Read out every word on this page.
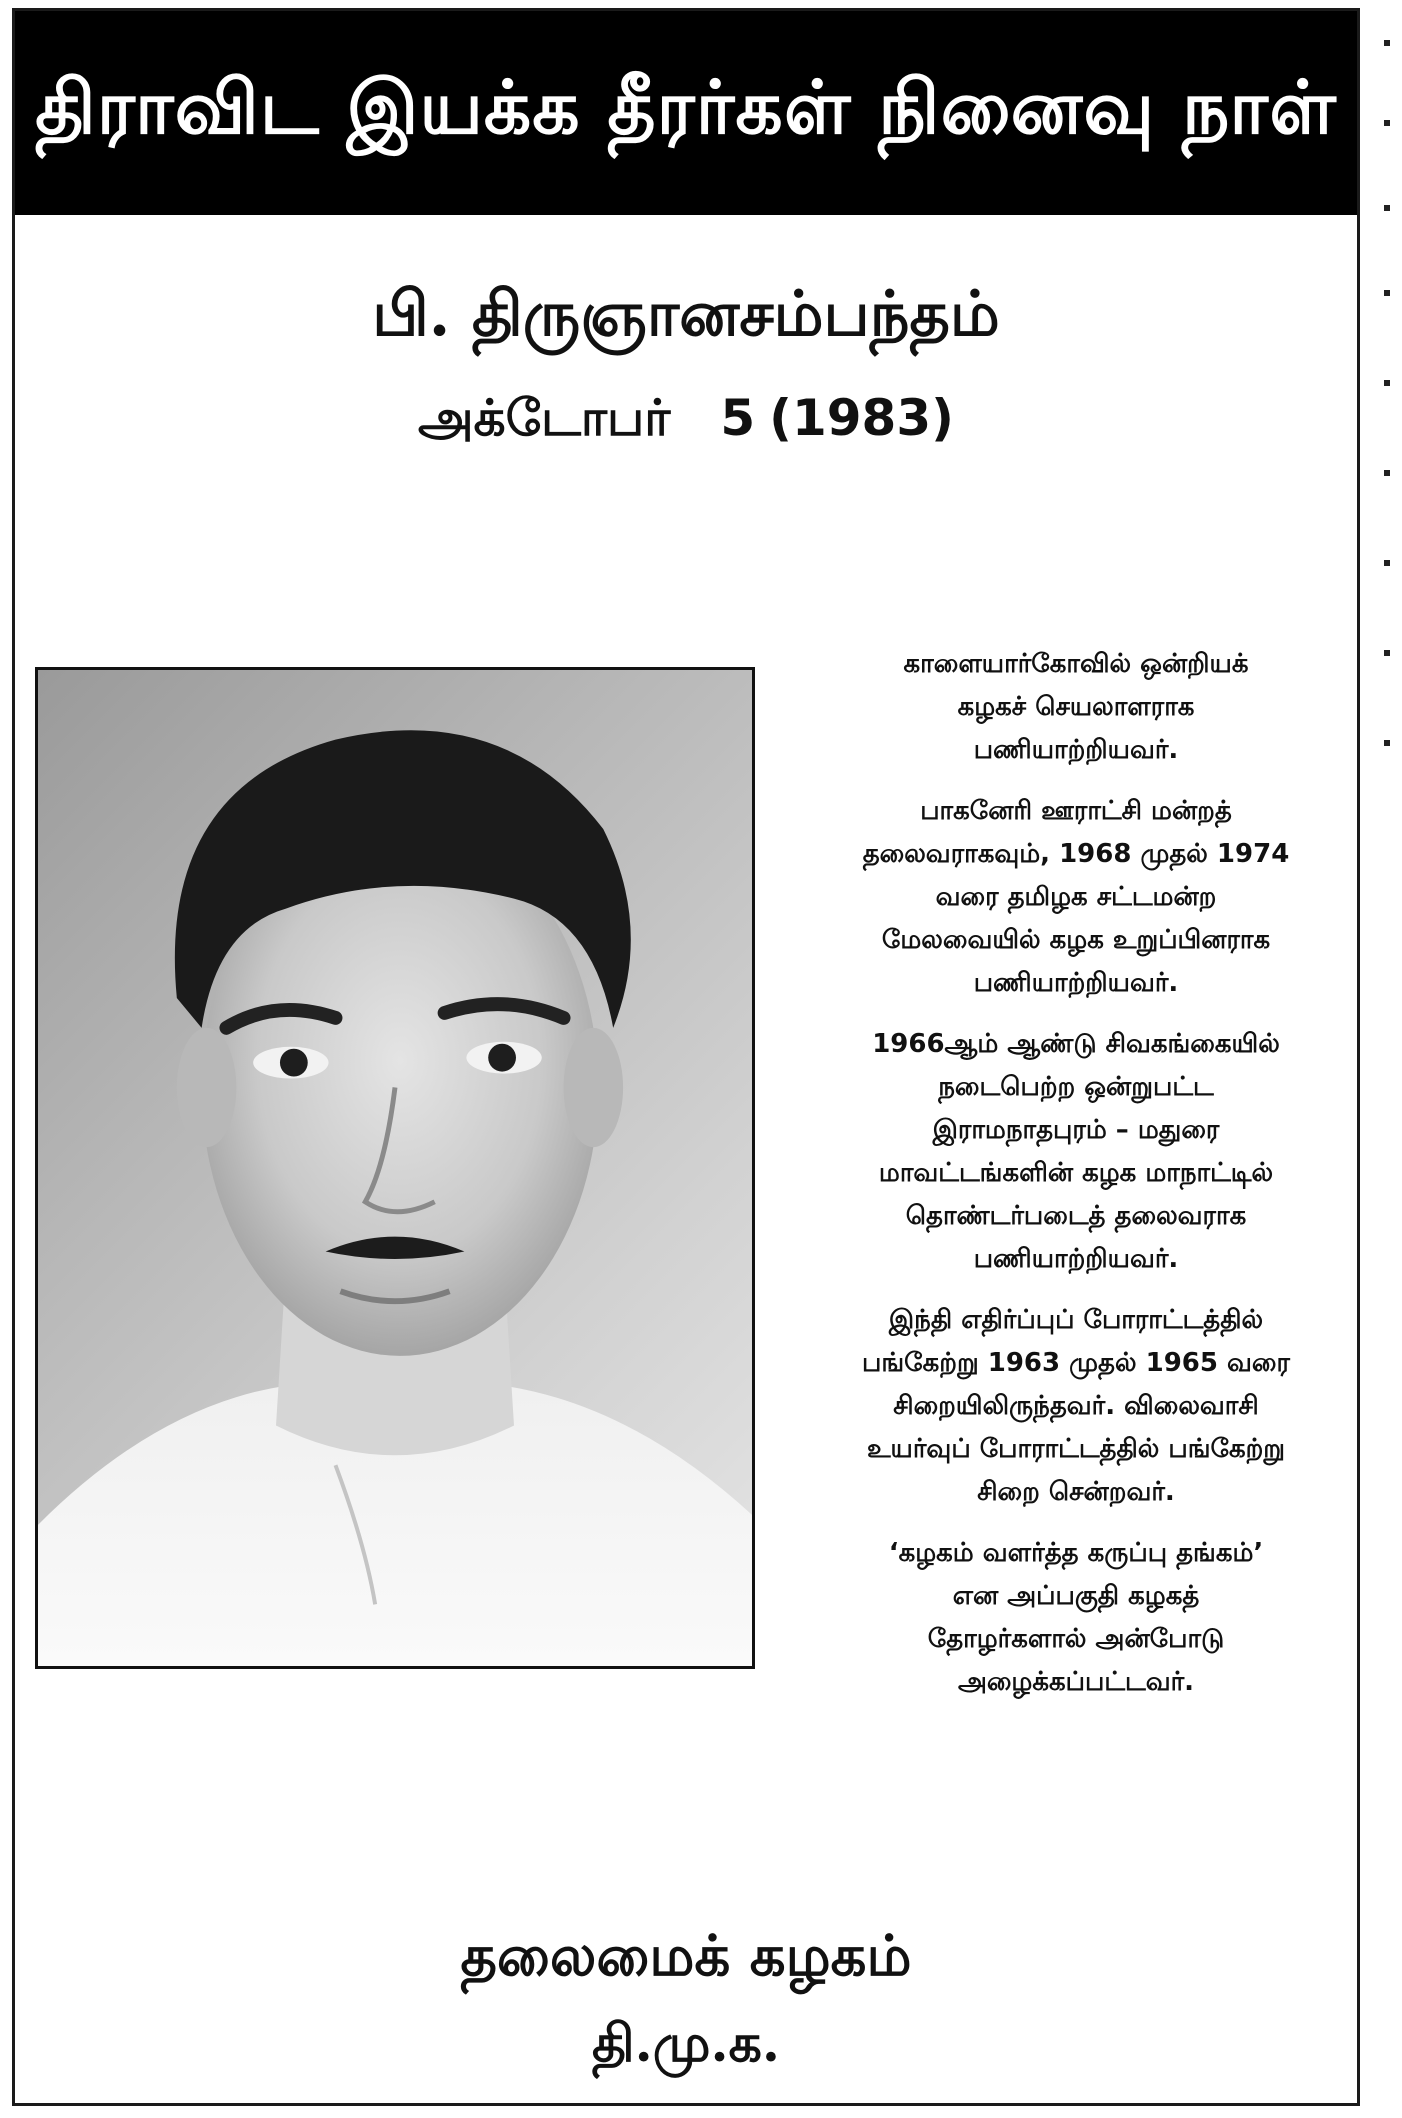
திராவிட இயக்க தீரர்கள் நினைவு நாள்
பி. திருஞானசம்பந்தம்
அக்டோபர் 5 (1983)

காளையார்கோவில் ஒன்றியக்
கழகச் செயலாளராக
பணியாற்றியவர்.

பாகனேரி ஊராட்சி மன்றத்
தலைவராகவும், 1968 முதல் 1974
வரை தமிழக சட்டமன்ற
மேலவையில் கழக உறுப்பினராக
பணியாற்றியவர்.

1966ஆம் ஆண்டு சிவகங்கையில்
நடைபெற்ற ஒன்றுபட்ட
இராமநாதபுரம் – மதுரை
மாவட்டங்களின் கழக மாநாட்டில்
தொண்டர்படைத் தலைவராக
பணியாற்றியவர்.

இந்தி எதிர்ப்புப் போராட்டத்தில்
பங்கேற்று 1963 முதல் 1965 வரை
சிறையிலிருந்தவர். விலைவாசி
உயர்வுப் போராட்டத்தில் பங்கேற்று
சிறை சென்றவர்.

‘கழகம் வளர்த்த கருப்பு தங்கம்’
என அப்பகுதி கழகத்
தோழர்களால் அன்போடு
அழைக்கப்பட்டவர்.

தலைமைக் கழகம்
தி.மு.க.
